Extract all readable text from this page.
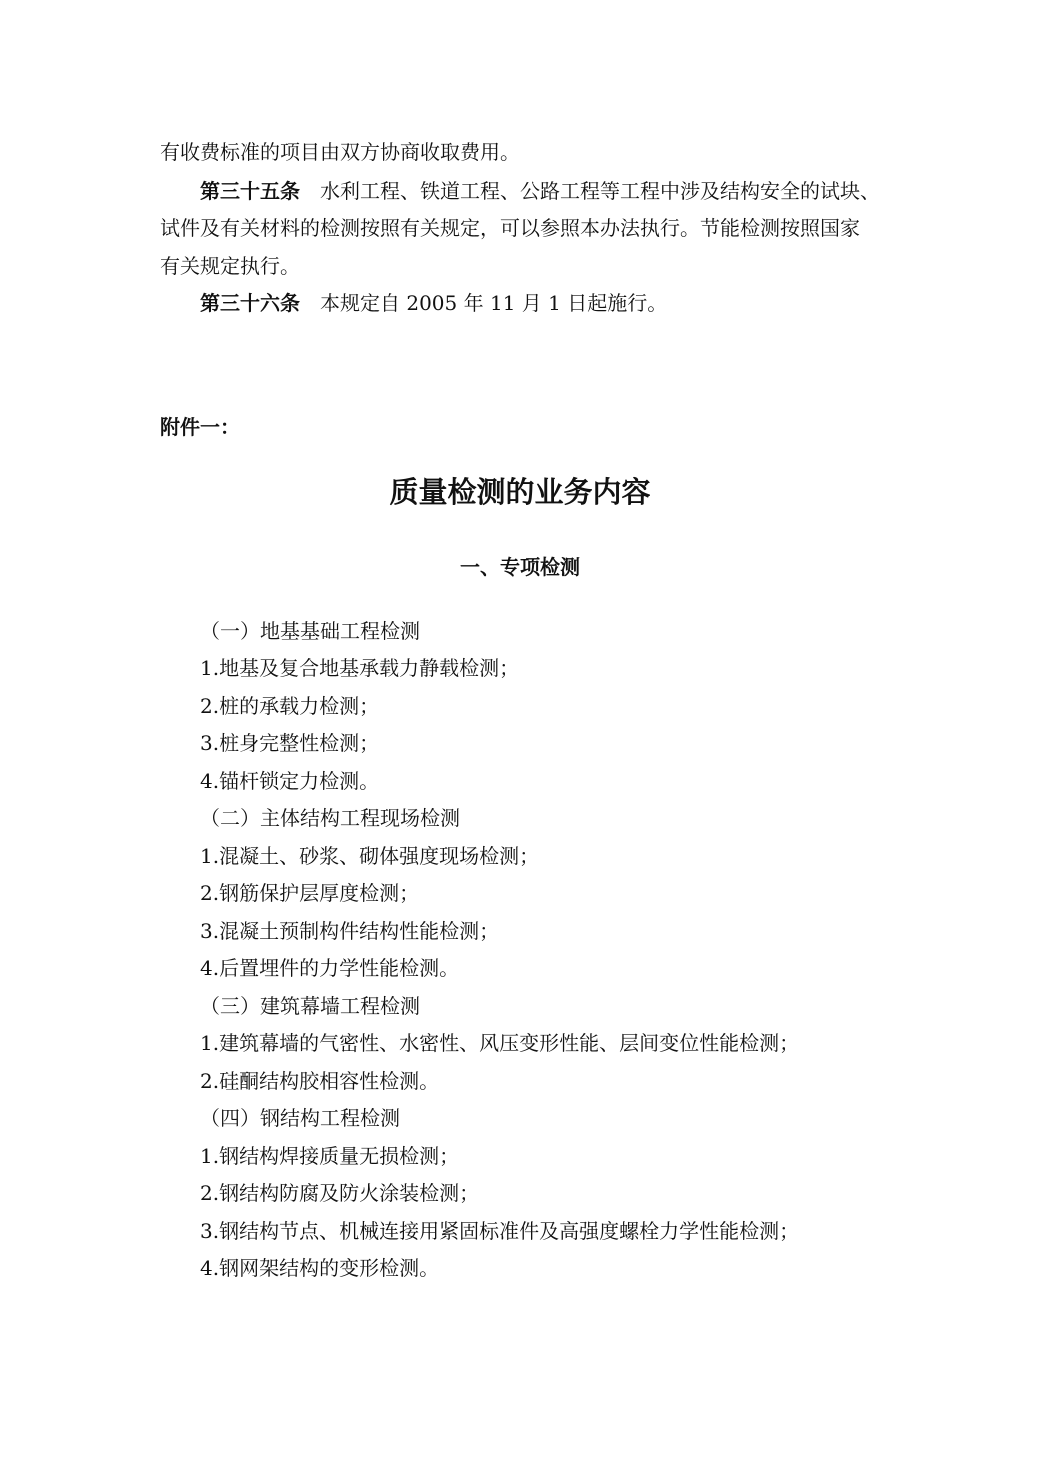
有收费标准的项目由双方协商收取费用。
第三十五条 水利工程、铁道工程、公路工程等工程中涉及结构安全的试块、
试件及有关材料的检测按照有关规定，可以参照本办法执行。节能检测按照国家
有关规定执行。
第三十六条 本规定自 2005 年 11 月 1 日起施行。
附件一：
质量检测的业务内容
一、专项检测
（一）地基基础工程检测
1.地基及复合地基承载力静载检测；
2.桩的承载力检测；
3.桩身完整性检测；
4.锚杆锁定力检测。
（二）主体结构工程现场检测
1.混凝土、砂浆、砌体强度现场检测；
2.钢筋保护层厚度检测；
3.混凝土预制构件结构性能检测；
4.后置埋件的力学性能检测。
（三）建筑幕墙工程检测
1.建筑幕墙的气密性、水密性、风压变形性能、层间变位性能检测；
2.硅酮结构胶相容性检测。
（四）钢结构工程检测
1.钢结构焊接质量无损检测；
2.钢结构防腐及防火涂装检测；
3.钢结构节点、机械连接用紧固标准件及高强度螺栓力学性能检测；
4.钢网架结构的变形检测。
